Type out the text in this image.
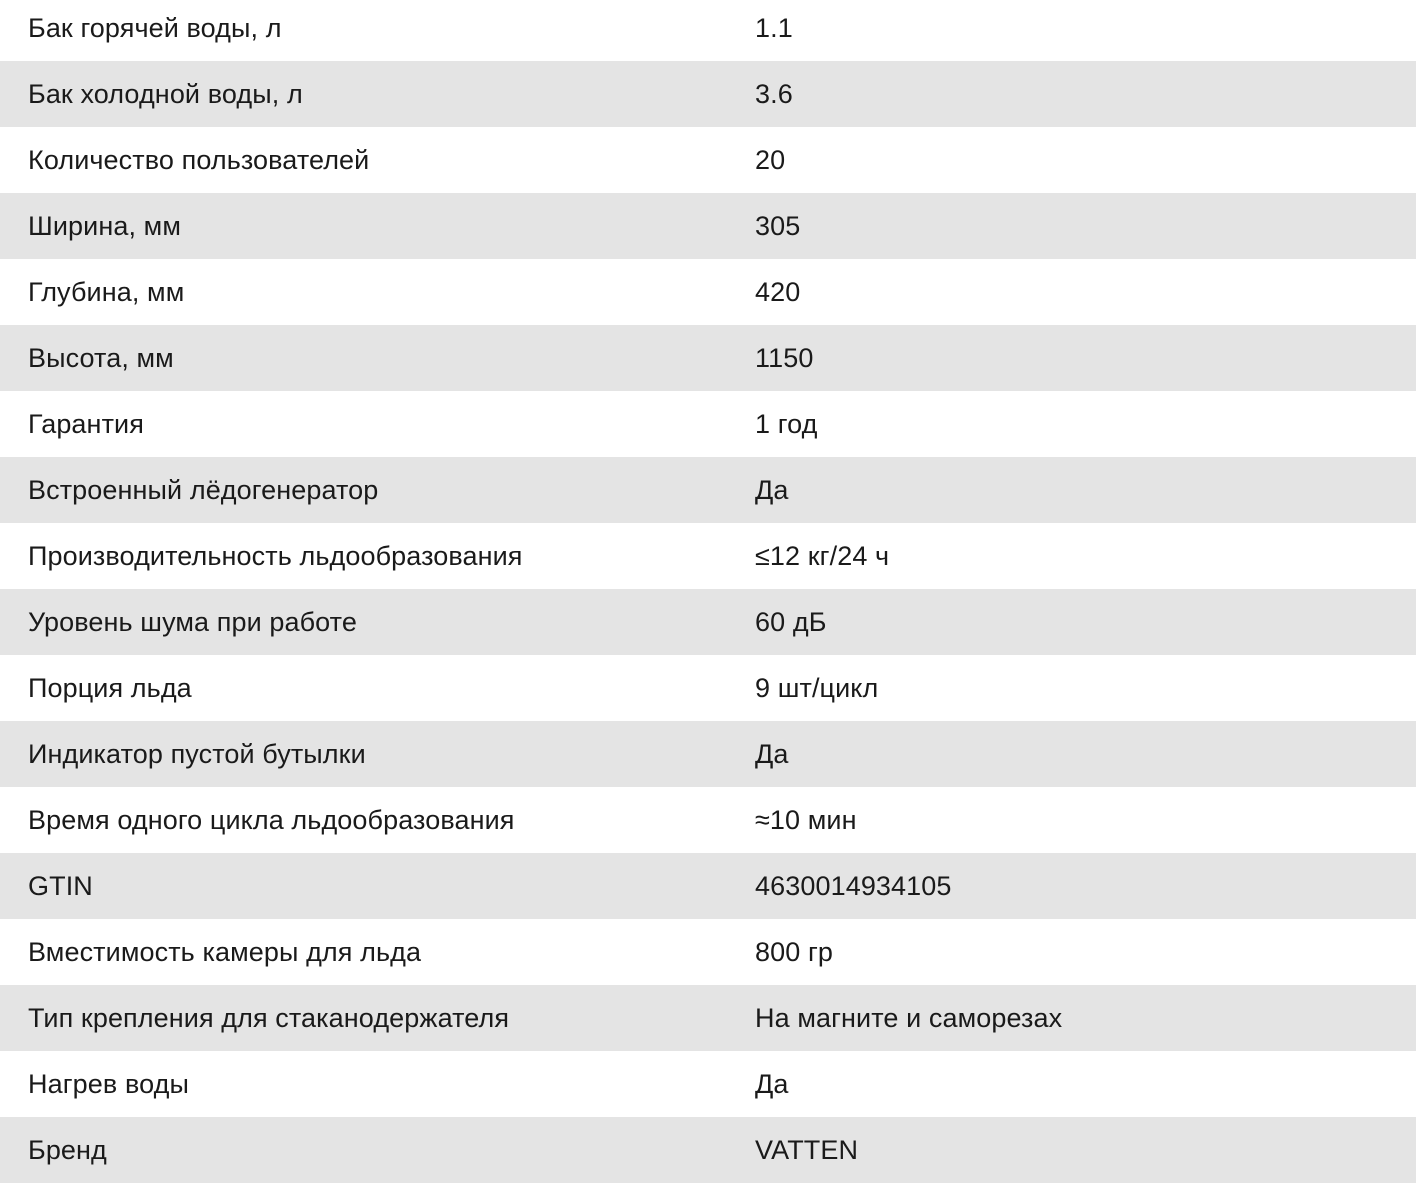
Бак горячей воды, л	1.1
Бак холодной воды, л	3.6
Количество пользователей	20
Ширина, мм	305
Глубина, мм	420
Высота, мм	1150
Гарантия	1 год
Встроенный лёдогенератор	Да
Производительность льдообразования	≤12 кг/24 ч
Уровень шума при работе	60 дБ
Порция льда	9 шт/цикл
Индикатор пустой бутылки	Да
Время одного цикла льдообразования	≈10 мин
GTIN	4630014934105
Вместимость камеры для льда	800 гр
Тип крепления для стаканодержателя	На магните и саморезах
Нагрев воды	Да
Бренд	VATTEN
